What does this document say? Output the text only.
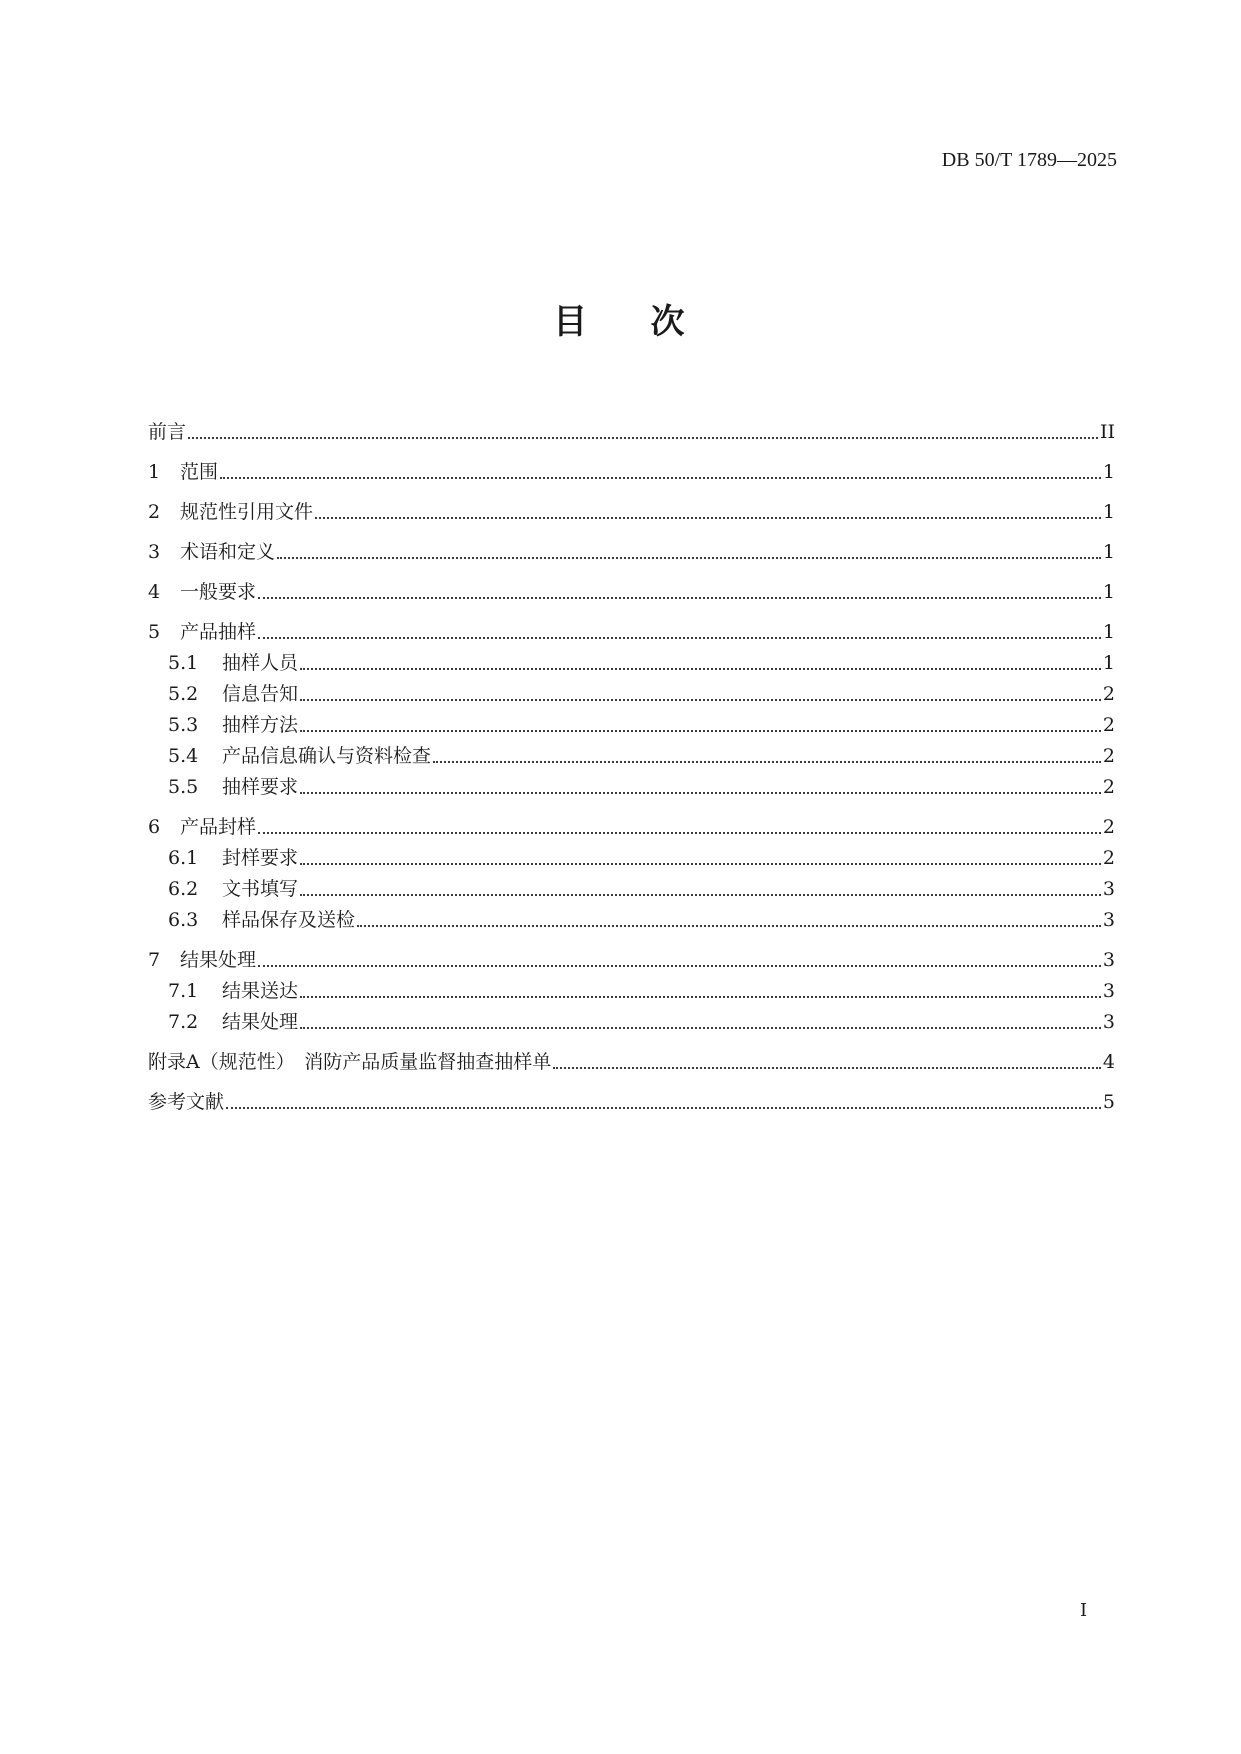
DB 50/T 1789—2025
目 次
前言	II
1	范围	1
2	规范性引用文件	1
3	术语和定义	1
4	一般要求	1
5	产品抽样	1
5.1	抽样人员	1
5.2	信息告知	2
5.3	抽样方法	2
5.4	产品信息确认与资料检查	2
5.5	抽样要求	2
6	产品封样	2
6.1	封样要求	2
6.2	文书填写	3
6.3	样品保存及送检	3
7	结果处理	3
7.1	结果送达	3
7.2	结果处理	3
附录A（规范性）　消防产品质量监督抽查抽样单	4
参考文献	5
I
